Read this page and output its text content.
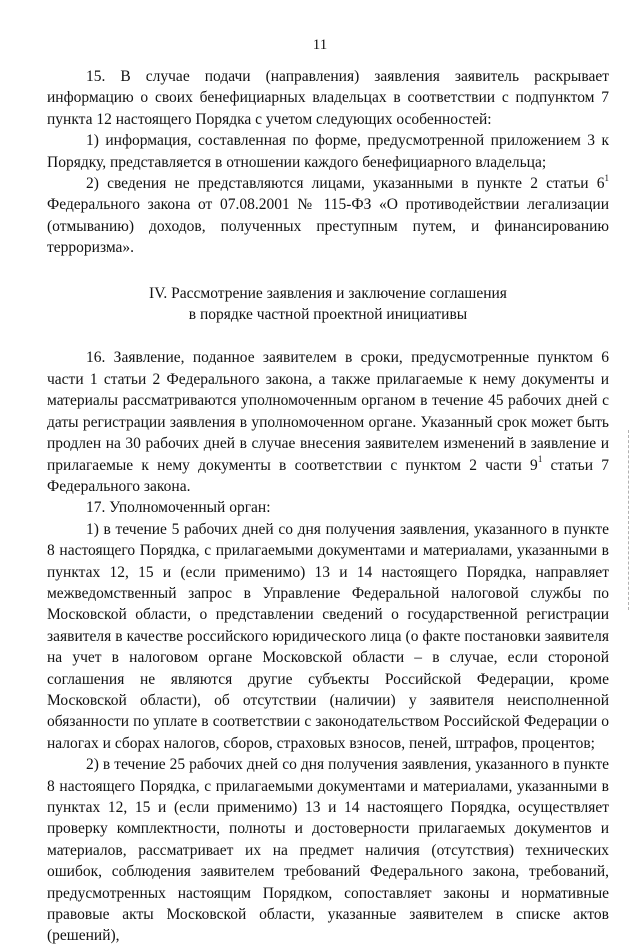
11

15. В случае подачи (направления) заявления заявитель раскрывает информацию о своих бенефициарных владельцах в соответствии с подпунктом 7 пункта 12 настоящего Порядка с учетом следующих особенностей:

1) информация, составленная по форме, предусмотренной приложением 3 к Порядку, представляется в отношении каждого бенефициарного владельца;

2) сведения не представляются лицами, указанными в пункте 2 статьи $6^1$ Федерального закона от 07.08.2001 № 115-ФЗ «О противодействии легализации (отмыванию) доходов, полученных преступным путем, и финансированию терроризма».

IV. Рассмотрение заявления и заключение соглашения
в порядке частной проектной инициативы

16. Заявление, поданное заявителем в сроки, предусмотренные пунктом 6 части 1 статьи 2 Федерального закона, а также прилагаемые к нему документы и материалы рассматриваются уполномоченным органом в течение 45 рабочих дней с даты регистрации заявления в уполномоченном органе. Указанный срок может быть продлен на 30 рабочих дней в случае внесения заявителем изменений в заявление и прилагаемые к нему документы в соответствии с пунктом 2 части $9^1$ статьи 7 Федерального закона.

17. Уполномоченный орган:

1) в течение 5 рабочих дней со дня получения заявления, указанного в пункте 8 настоящего Порядка, с прилагаемыми документами и материалами, указанными в пунктах 12, 15 и (если применимо) 13 и 14 настоящего Порядка, направляет межведомственный запрос в Управление Федеральной налоговой службы по Московской области, о представлении сведений о государственной регистрации заявителя в качестве российского юридического лица (о факте постановки заявителя на учет в налоговом органе Московской области – в случае, если стороной соглашения не являются другие субъекты Российской Федерации, кроме Московской области), об отсутствии (наличии) у заявителя неисполненной обязанности по уплате в соответствии с законодательством Российской Федерации о налогах и сборах налогов, сборов, страховых взносов, пеней, штрафов, процентов;

2) в течение 25 рабочих дней со дня получения заявления, указанного в пункте 8 настоящего Порядка, с прилагаемыми документами и материалами, указанными в пунктах 12, 15 и (если применимо) 13 и 14 настоящего Порядка, осуществляет проверку комплектности, полноты и достоверности прилагаемых документов и материалов, рассматривает их на предмет наличия (отсутствия) технических ошибок, соблюдения заявителем требований Федерального закона, требований, предусмотренных настоящим Порядком, сопоставляет законы и нормативные правовые акты Московской области, указанные заявителем в списке актов (решений),
